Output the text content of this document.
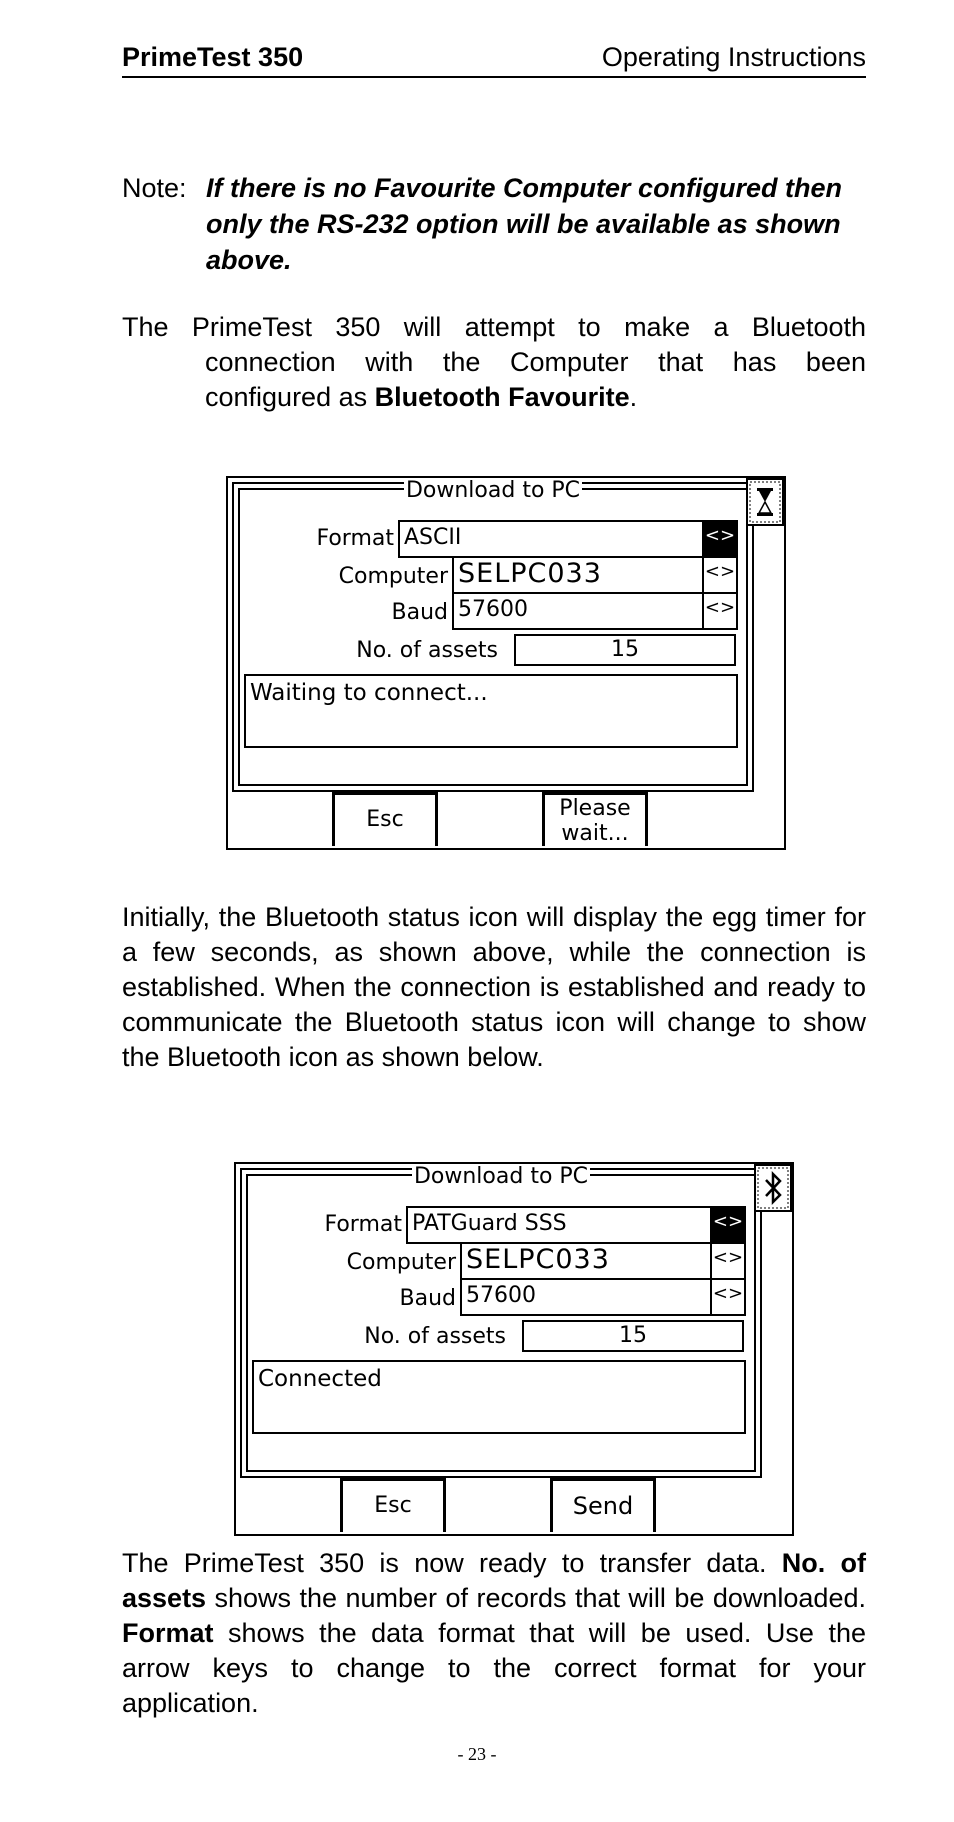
PrimeTest 350	Operating Instructions
Note: If there is no Favourite Computer configured then only the RS-232 option will be available as shown above.
The PrimeTest 350 will attempt to make a Bluetooth connection with the Computer that has been configured as Bluetooth Favourite.
Download to PC
Format ASCII	<>
Computer SELPC033	<>
Baud 57600	<>
No. of assets	15
Waiting to connect...
Esc	Please
wait...
Initially, the Bluetooth status icon will display the egg timer for a few seconds, as shown above, while the connection is established. When the connection is established and ready to communicate the Bluetooth status icon will change to show the Bluetooth icon as shown below.
Download to PC
Format PATGuard SSS	<>
Computer SELPC033	<>
Baud 57600	<>
No. of assets	15
Connected
Esc	Send
The PrimeTest 350 is now ready to transfer data. No. of assets shows the number of records that will be downloaded. Format shows the data format that will be used. Use the arrow keys to change to the correct format for your application.
- 23 -
